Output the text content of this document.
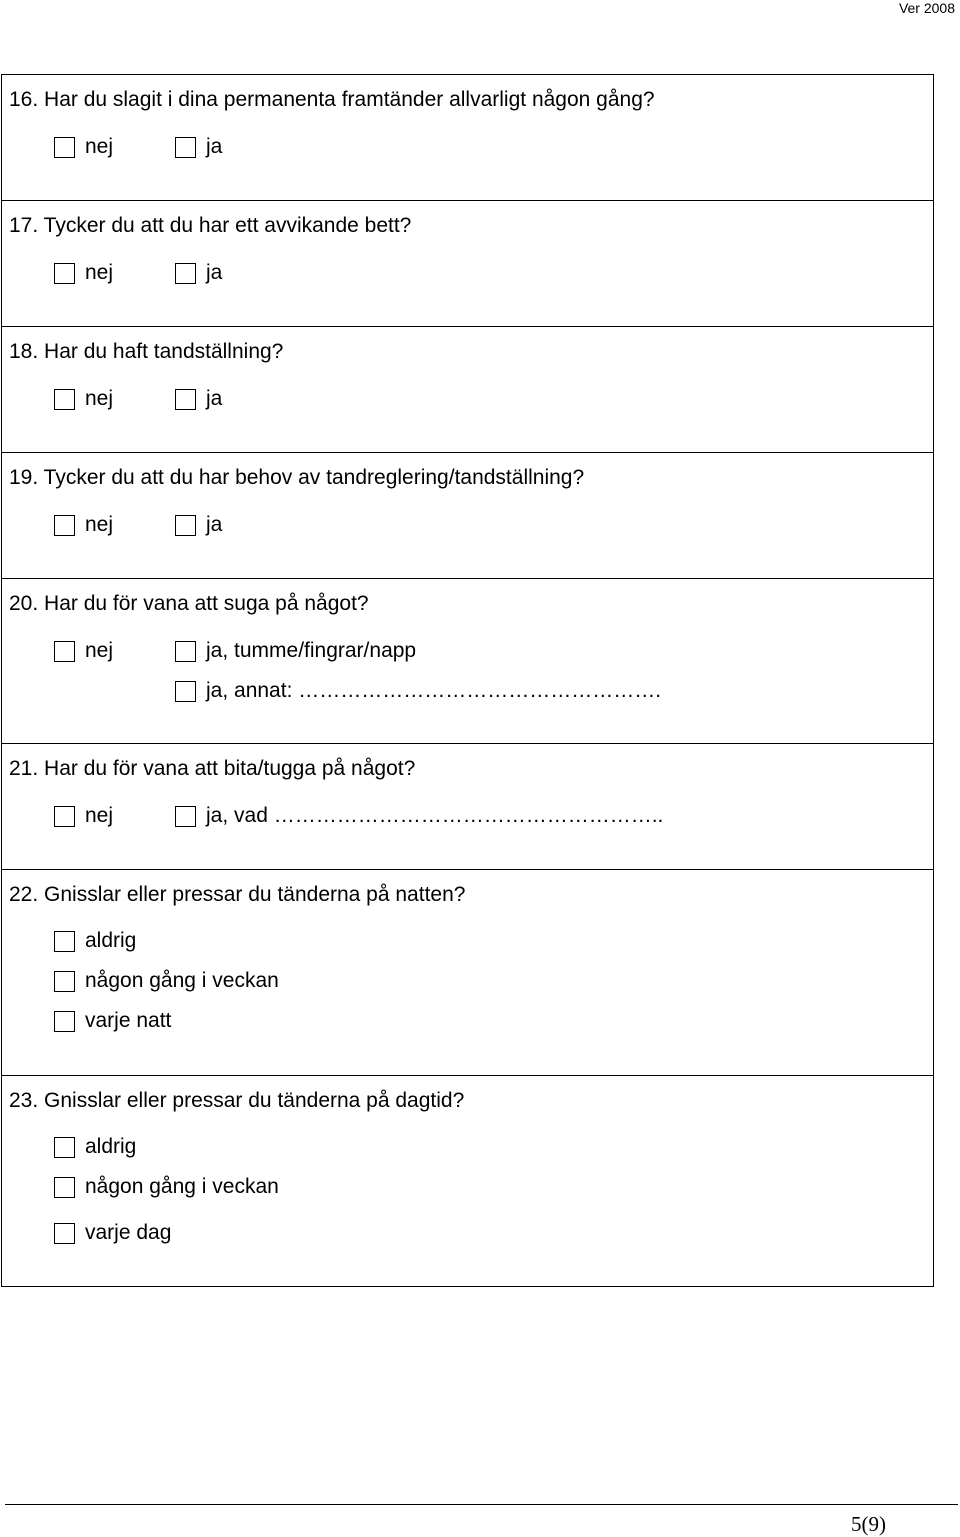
Ver 2008
16. Har du slagit i dina permanenta framtänder allvarligt någon gång?
nej	ja
17. Tycker du att du har ett avvikande bett?
nej	ja
18. Har du haft tandställning?
nej	ja
19. Tycker du att du har behov av tandreglering/tandställning?
nej	ja
20. Har du för vana att suga på något?
nej	ja, tumme/fingrar/napp
ja, annat: …………………………………………….
21. Har du för vana att bita/tugga på något?
nej	ja, vad ………………………………………………..
22. Gnisslar eller pressar du tänderna på natten?
aldrig
någon gång i veckan
varje natt
23. Gnisslar eller pressar du tänderna på dagtid?
aldrig
någon gång i veckan
varje dag
5(9)
